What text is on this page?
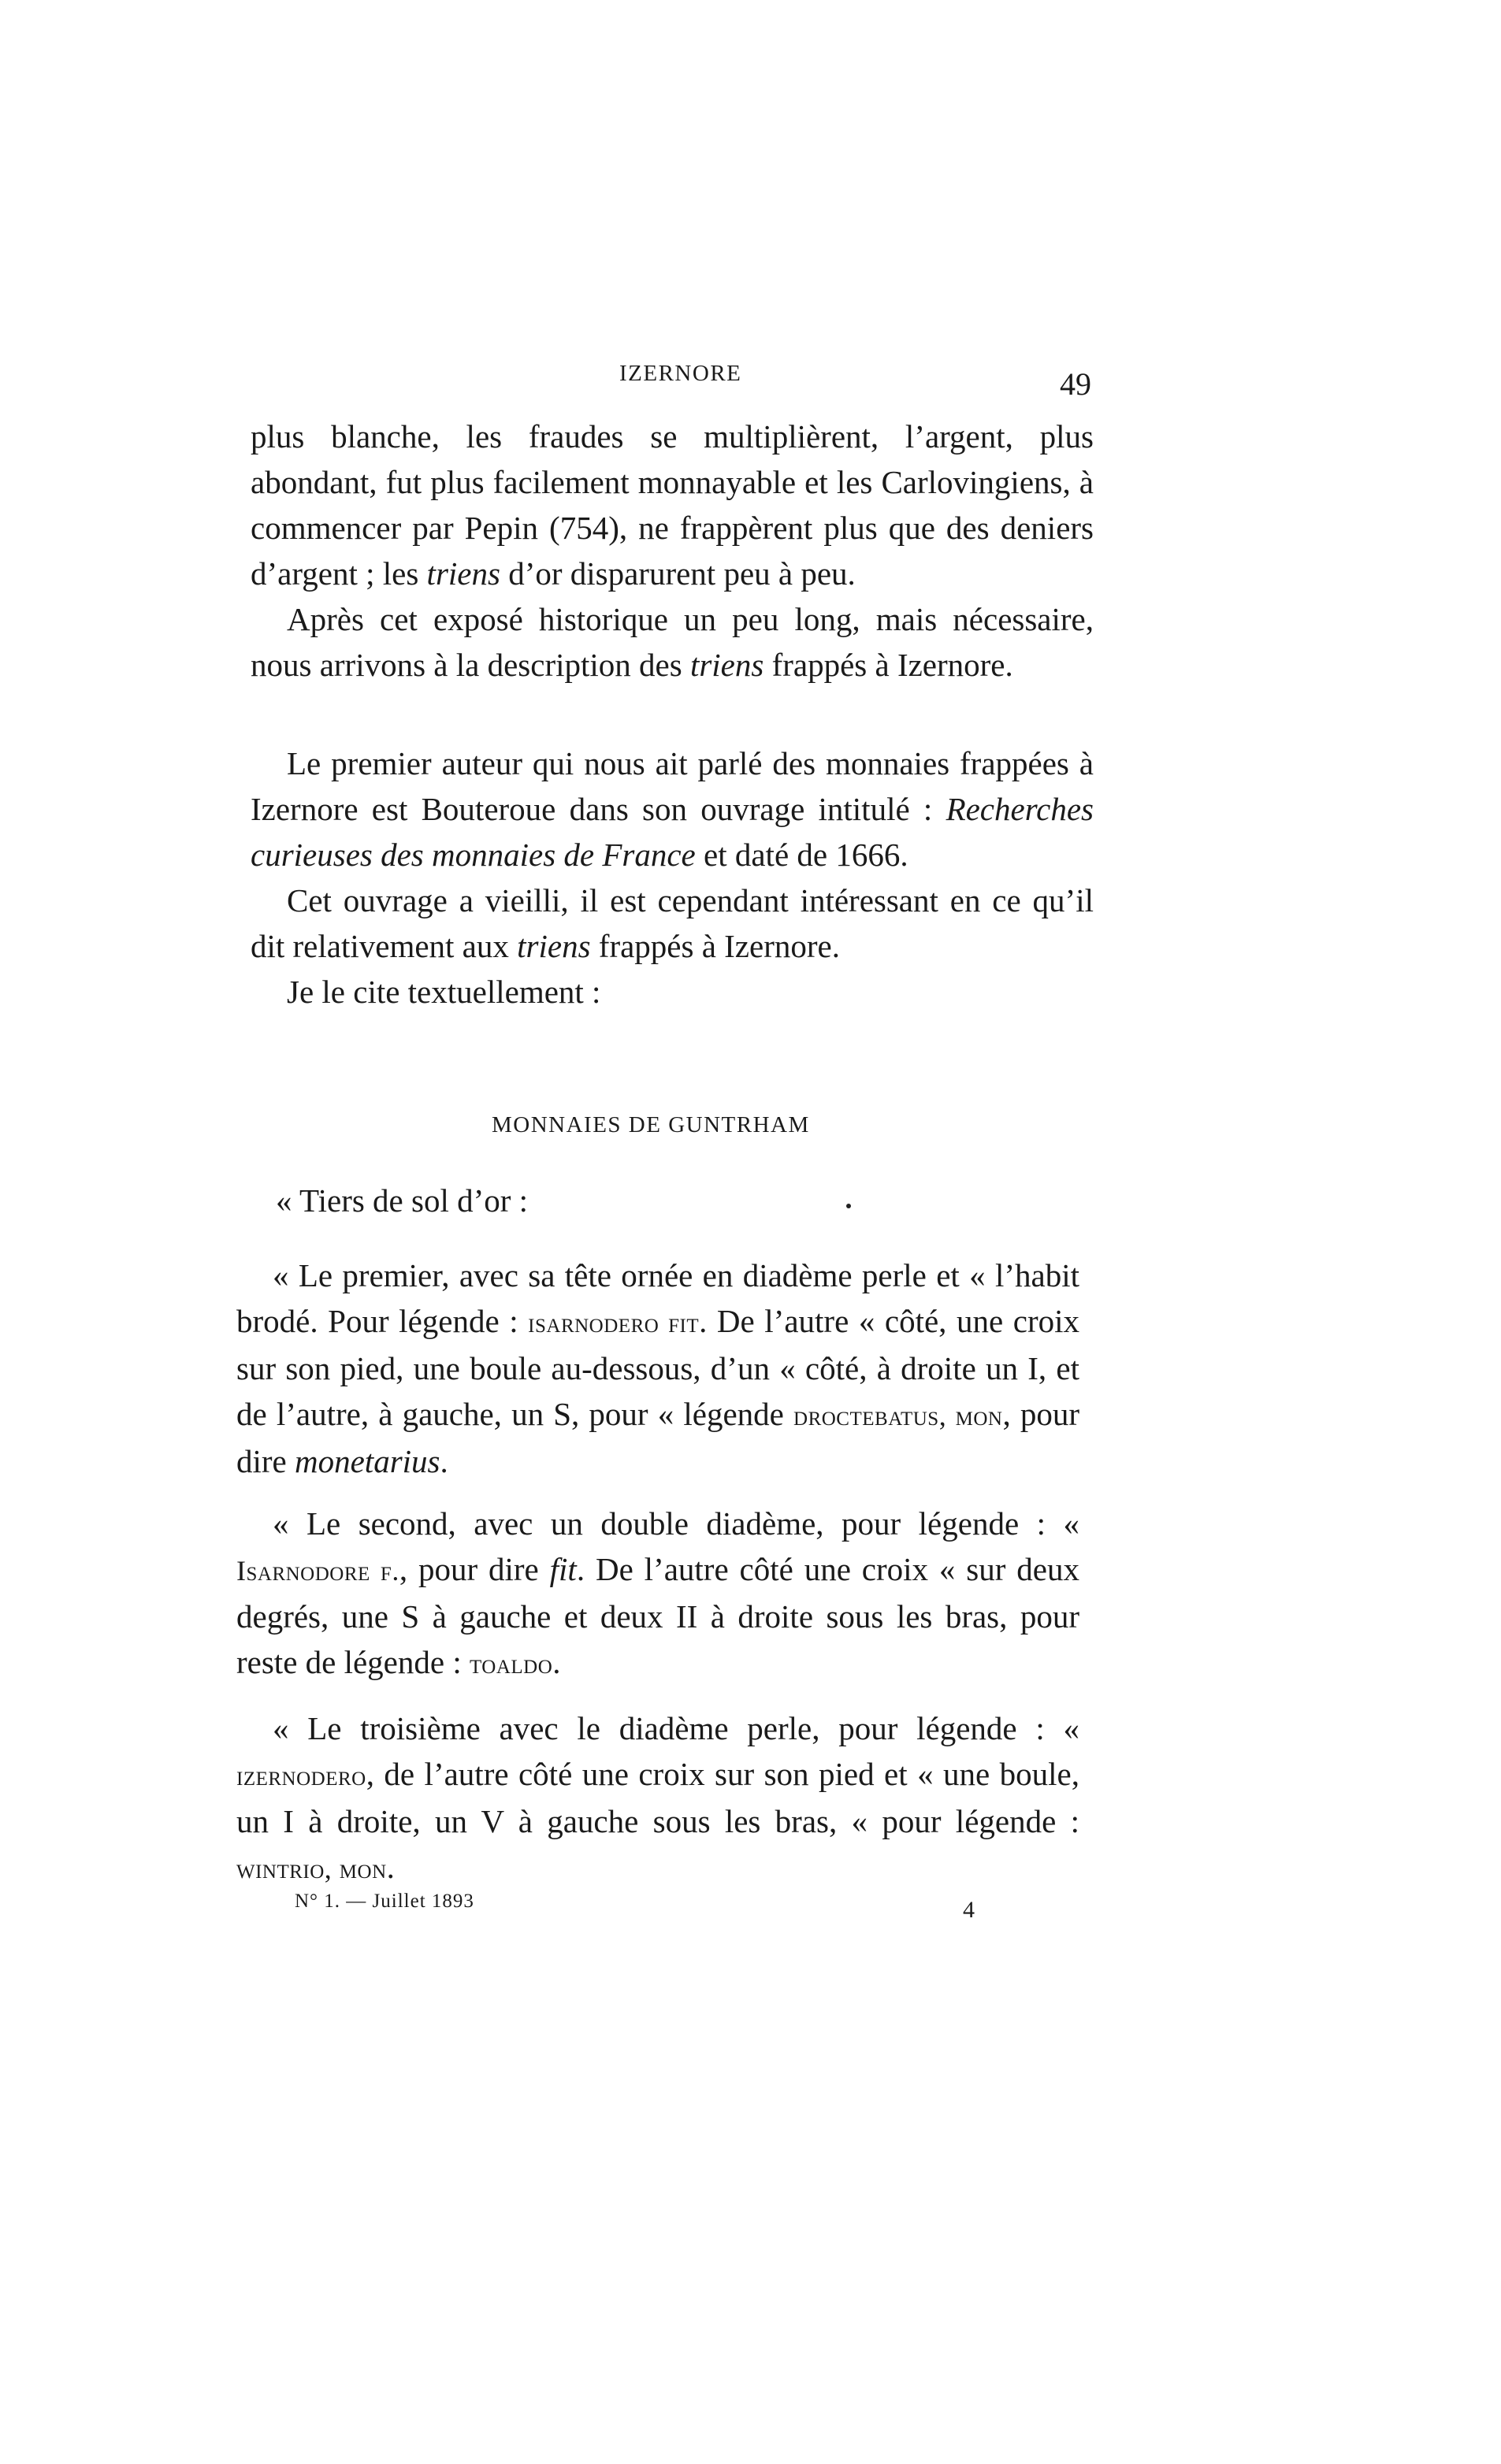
IZERNORE	49

plus blanche, les fraudes se multiplièrent, l’argent, plus abondant, fut plus facilement monnayable et les Carlovingiens, à commencer par Pepin (754), ne frappèrent plus que des deniers d’argent ; les triens d’or disparurent peu à peu.

Après cet exposé historique un peu long, mais nécessaire, nous arrivons à la description des triens frappés à Izernore.

Le premier auteur qui nous ait parlé des monnaies frappées à Izernore est Bouteroue dans son ouvrage intitulé : Recherches curieuses des monnaies de France et daté de 1666.

Cet ouvrage a vieilli, il est cependant intéressant en ce qu’il dit relativement aux triens frappés à Izernore.

Je le cite textuellement :

MONNAIES DE GUNTRHAM
« Tiers de sol d’or :

« Le premier, avec sa tête ornée en diadème perle et « l’habit brodé. Pour légende : isarnodero fit. De l’autre « côté, une croix sur son pied, une boule au-dessous, d’un « côté, à droite un I, et de l’autre, à gauche, un S, pour « légende droctebatus, mon, pour dire monetarius.

« Le second, avec un double diadème, pour légende : « Isarnodore f., pour dire fit. De l’autre côté une croix « sur deux degrés, une S à gauche et deux II à droite sous les bras, pour reste de légende : toaldo.

« Le troisième avec le diadème perle, pour légende : « izernodero, de l’autre côté une croix sur son pied et « une boule, un I à droite, un V à gauche sous les bras, « pour légende : wintrio, mon.

N° 1. — Juillet 1893	4
